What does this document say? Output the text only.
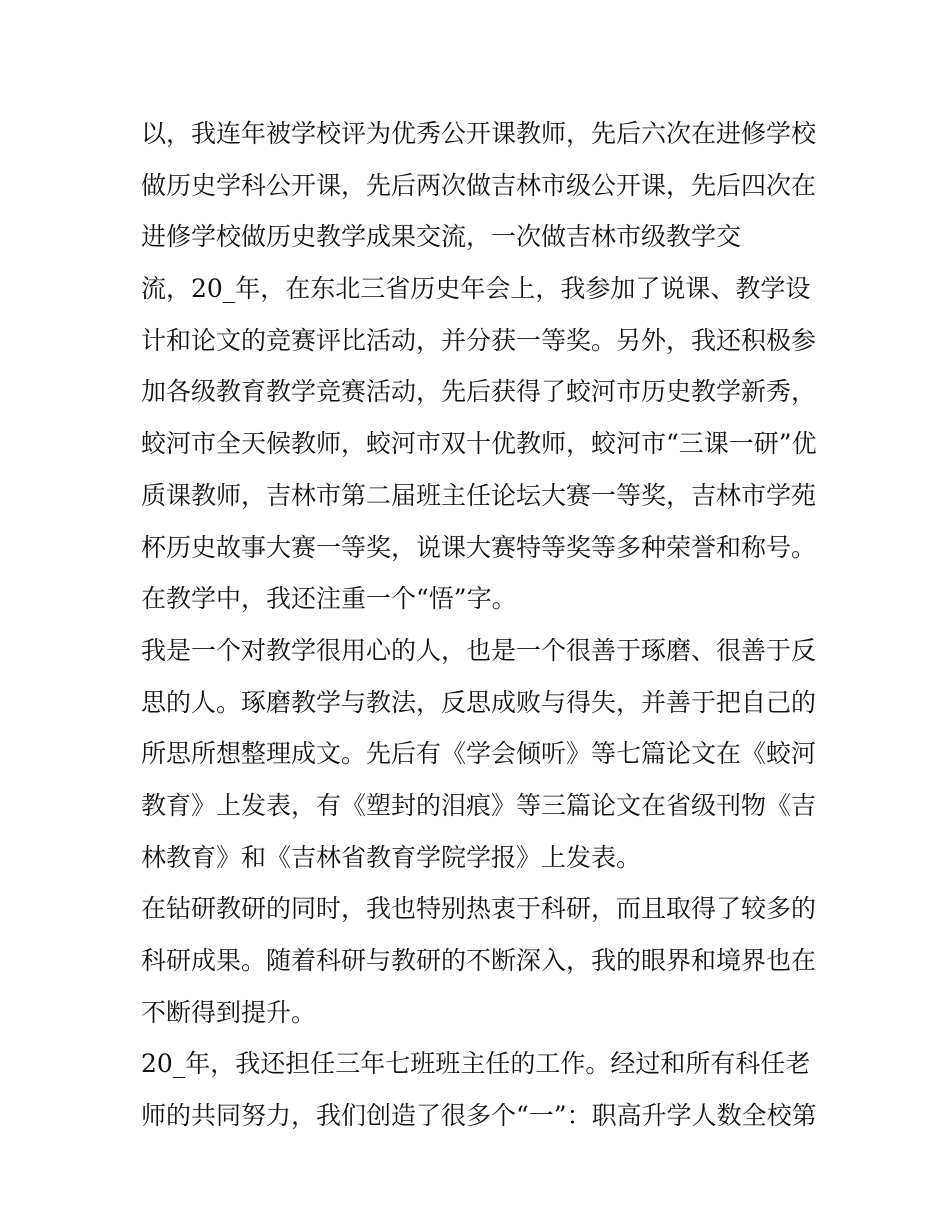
以，我连年被学校评为优秀公开课教师，先后六次在进修学校
做历史学科公开课，先后两次做吉林市级公开课，先后四次在
进修学校做历史教学成果交流，一次做吉林市级教学交
流，20_年，在东北三省历史年会上，我参加了说课、教学设
计和论文的竞赛评比活动，并分获一等奖。另外，我还积极参
加各级教育教学竞赛活动，先后获得了蛟河市历史教学新秀，
蛟河市全天候教师，蛟河市双十优教师，蛟河市“三课一研”优
质课教师，吉林市第二届班主任论坛大赛一等奖，吉林市学苑
杯历史故事大赛一等奖，说课大赛特等奖等多种荣誉和称号。
在教学中，我还注重一个“悟”字。
我是一个对教学很用心的人，也是一个很善于琢磨、很善于反
思的人。琢磨教学与教法，反思成败与得失，并善于把自己的
所思所想整理成文。先后有《学会倾听》等七篇论文在《蛟河
教育》上发表，有《塑封的泪痕》等三篇论文在省级刊物《吉
林教育》和《吉林省教育学院学报》上发表。
在钻研教研的同时，我也特别热衷于科研，而且取得了较多的
科研成果。随着科研与教研的不断深入，我的眼界和境界也在
不断得到提升。
20_年，我还担任三年七班班主任的工作。经过和所有科任老
师的共同努力，我们创造了很多个“一”：职高升学人数全校第
